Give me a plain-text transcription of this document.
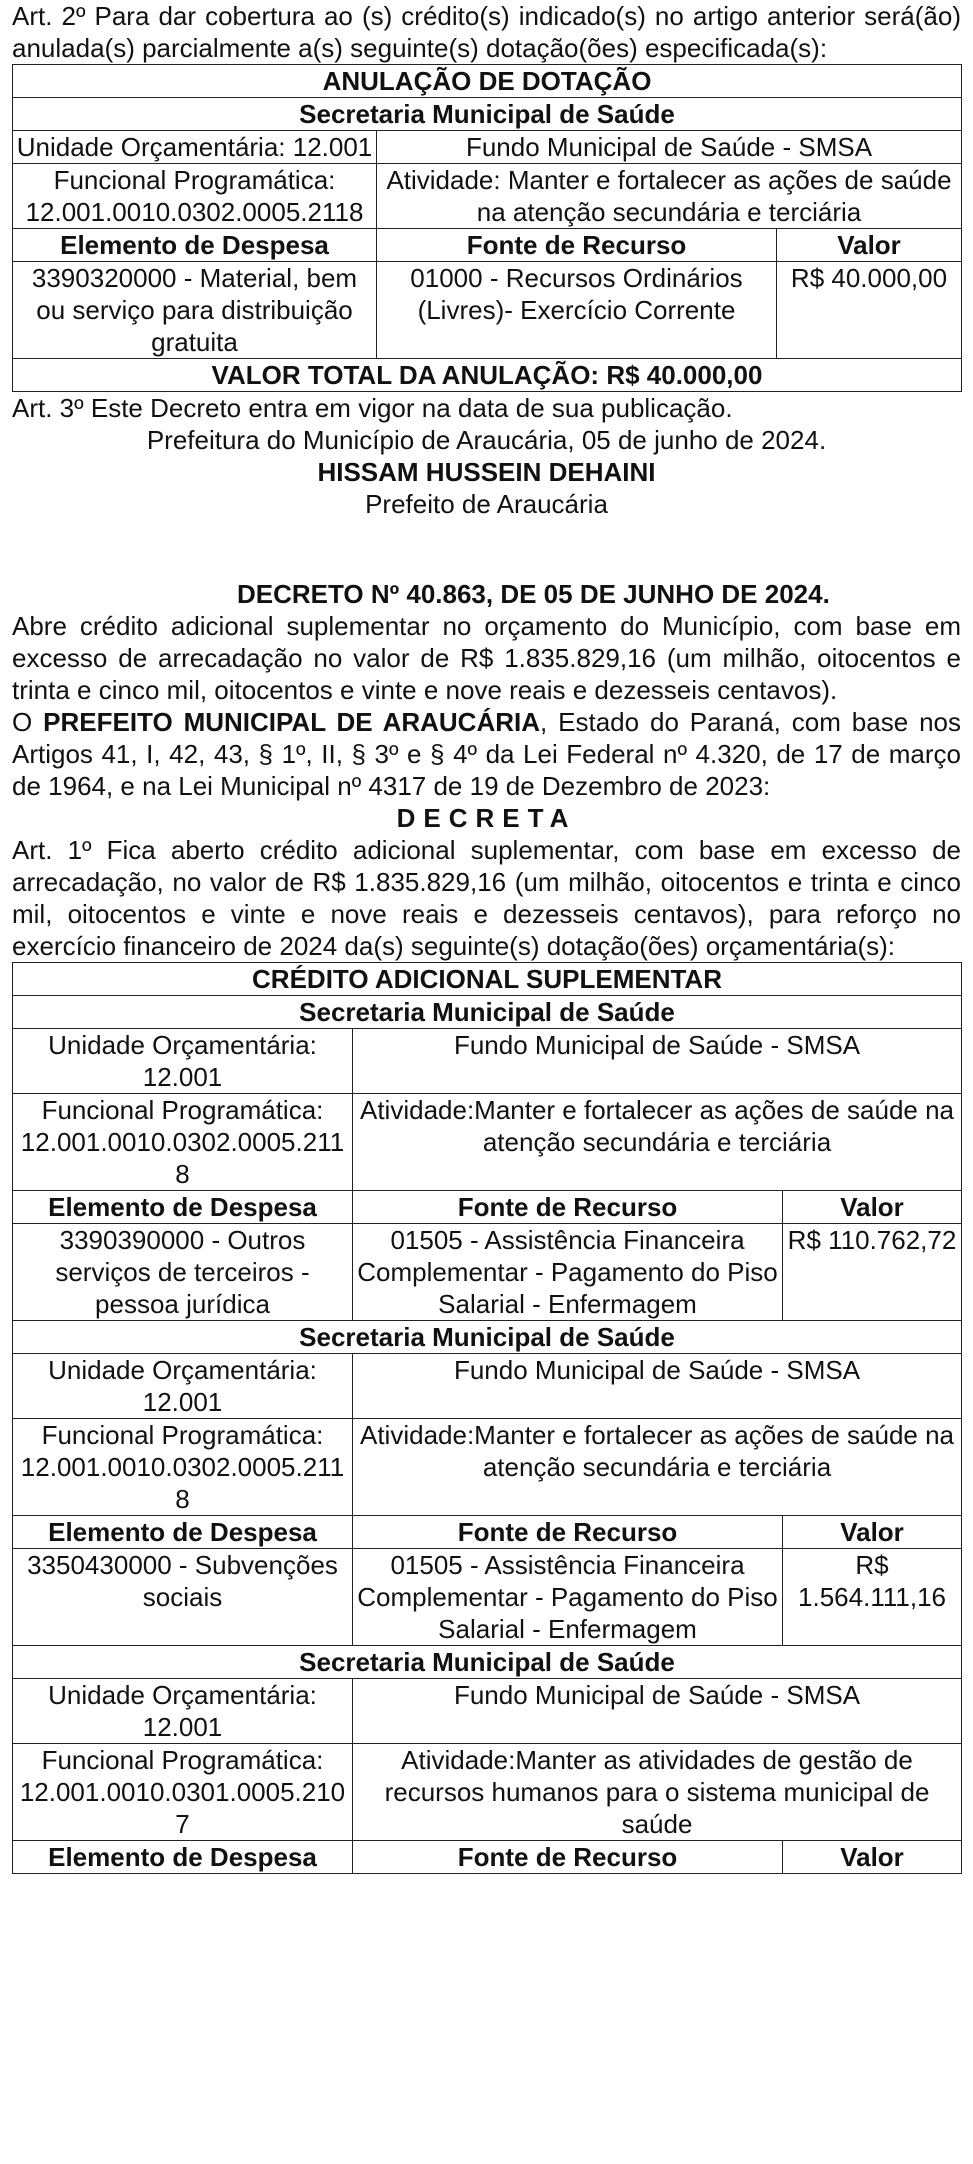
Art. 2º Para dar cobertura ao (s) crédito(s) indicado(s) no artigo anterior será(ão) anulada(s) parcialmente a(s) seguinte(s) dotação(ões) especificada(s):

ANULAÇÃO DE DOTAÇÃO		
Secretaria Municipal de Saúde		
Unidade Orçamentária: 12.001	Fundo Municipal de Saúde - SMSA	
Funcional Programática: 12.001.0010.0302.0005.2118	Atividade: Manter e fortalecer as ações de saúde na atenção secundária e terciária	
Elemento de Despesa	Fonte de Recurso	Valor
3390320000 - Material, bem ou serviço para distribuição gratuita	01000 - Recursos Ordinários (Livres)- Exercício Corrente	R$ 40.000,00
VALOR TOTAL DA ANULAÇÃO: R$ 40.000,00		

Art. 3º Este Decreto entra em vigor na data de sua publicação.

Prefeitura do Município de Araucária, 05 de junho de 2024.

HISSAM HUSSEIN DEHAINI

Prefeito de Araucária

DECRETO Nº 40.863, DE 05 DE JUNHO DE 2024.

Abre crédito adicional suplementar no orçamento do Município, com base em excesso de arrecadação no valor de R$ 1.835.829,16 (um milhão, oitocentos e trinta e cinco mil, oitocentos e vinte e nove reais e dezesseis centavos).

O PREFEITO MUNICIPAL DE ARAUCÁRIA, Estado do Paraná, com base nos Artigos 41, I, 42, 43, § 1º, II, § 3º e § 4º da Lei Federal nº 4.320, de 17 de março de 1964, e na Lei Municipal nº 4317 de 19 de Dezembro de 2023:

DECRETA

Art. 1º Fica aberto crédito adicional suplementar, com base em excesso de arrecadação, no valor de R$ 1.835.829,16 (um milhão, oitocentos e trinta e cinco mil, oitocentos e vinte e nove reais e dezesseis centavos), para reforço no exercício financeiro de 2024 da(s) seguinte(s) dotação(ões) orçamentária(s):

CRÉDITO ADICIONAL SUPLEMENTAR		
Secretaria Municipal de Saúde		
Unidade Orçamentária: 12.001	Fundo Municipal de Saúde - SMSA	
Funcional Programática: 12.001.0010.0302.0005.2118	Atividade:Manter e fortalecer as ações de saúde na atenção secundária e terciária	
Elemento de Despesa	Fonte de Recurso	Valor
3390390000 - Outros serviços de terceiros - pessoa jurídica	01505 - Assistência Financeira Complementar - Pagamento do Piso Salarial - Enfermagem	R$ 110.762,72
Secretaria Municipal de Saúde		
Unidade Orçamentária: 12.001	Fundo Municipal de Saúde - SMSA	
Funcional Programática: 12.001.0010.0302.0005.2118	Atividade:Manter e fortalecer as ações de saúde na atenção secundária e terciária	
Elemento de Despesa	Fonte de Recurso	Valor
3350430000 - Subvenções sociais	01505 - Assistência Financeira Complementar - Pagamento do Piso Salarial - Enfermagem	R$ 1.564.111,16
Secretaria Municipal de Saúde		
Unidade Orçamentária: 12.001	Fundo Municipal de Saúde - SMSA	
Funcional Programática: 12.001.0010.0301.0005.2107	Atividade:Manter as atividades de gestão de recursos humanos para o sistema municipal de saúde	
Elemento de Despesa	Fonte de Recurso	Valor
